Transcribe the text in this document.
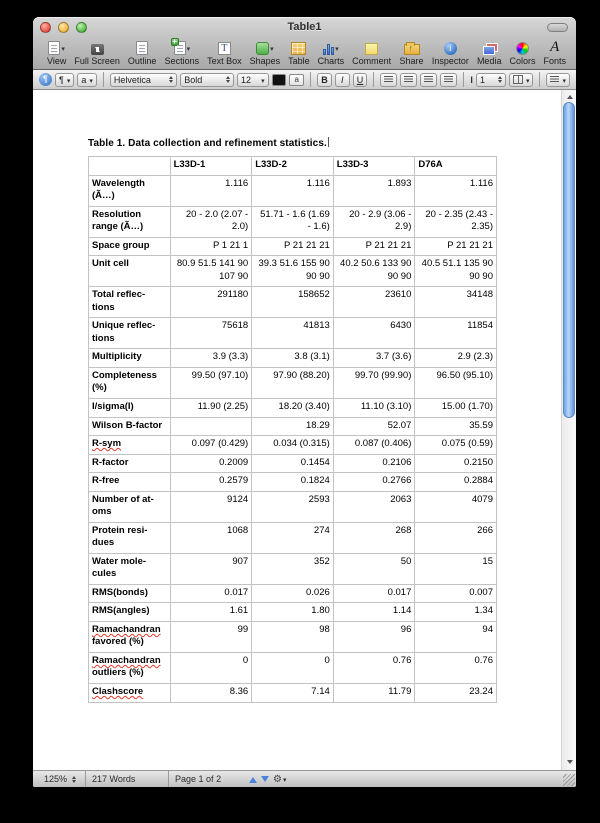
Table1
▾
View Full Screen Outline
+
▾
Sections
T
Text Box
▾ Shapes Table
▾ Charts Comment
↑ Share
i
Inspector Media Colors
A
Fonts
¶	¶ ▾ a ▾	Helvetica	Bold	12 ▾	a	B	I	U	I 1
▾
▾
Table 1. Data collection and refinement statistics.
	L33D-1	L33D-2	L33D-3	D76A
Wavelength (Ã…)	1.116	1.116	1.893	1.116
Resolution range (Ã…)	20 - 2.0 (2.07 - 2.0)	51.71 - 1.6 (1.69 - 1.6)	20 - 2.9 (3.06 - 2.9)	20 - 2.35 (2.43 - 2.35)
Space group	P 1 21 1	P 21 21 21	P 21 21 21	P 21 21 21
Unit cell	80.9 51.5 141 90 107 90	39.3 51.6 155 90 90 90	40.2 50.6 133 90 90 90	40.5 51.1 135 90 90 90
Total reflec-tions	291180	158652	23610	34148
Unique reflec-tions	75618	41813	6430	11854
Multiplicity	3.9 (3.3)	3.8 (3.1)	3.7 (3.6)	2.9 (2.3)
Completeness (%)	99.50 (97.10)	97.90 (88.20)	99.70 (99.90)	96.50 (95.10)
I/sigma(I)	11.90 (2.25)	18.20 (3.40)	11.10 (3.10)	15.00 (1.70)
Wilson B-factor		18.29	52.07	35.59
R-sym	0.097 (0.429)	0.034 (0.315)	0.087 (0.406)	0.075 (0.59)
R-factor	0.2009	0.1454	0.2106	0.2150
R-free	0.2579	0.1824	0.2766	0.2884
Number of at-oms	9124	2593	2063	4079
Protein resi-dues	1068	274	268	266
Water mole-cules	907	352	50	15
RMS(bonds)	0.017	0.026	0.017	0.007
RMS(angles)	1.61	1.80	1.14	1.34
Ramachandran favored (%)	99	98	96	94
Ramachandran outliers (%)	0	0	0.76	0.76
Clashscore	8.36	7.14	11.79	23.24
125%	217 Words	Page 1 of 2	⚙ ▾
